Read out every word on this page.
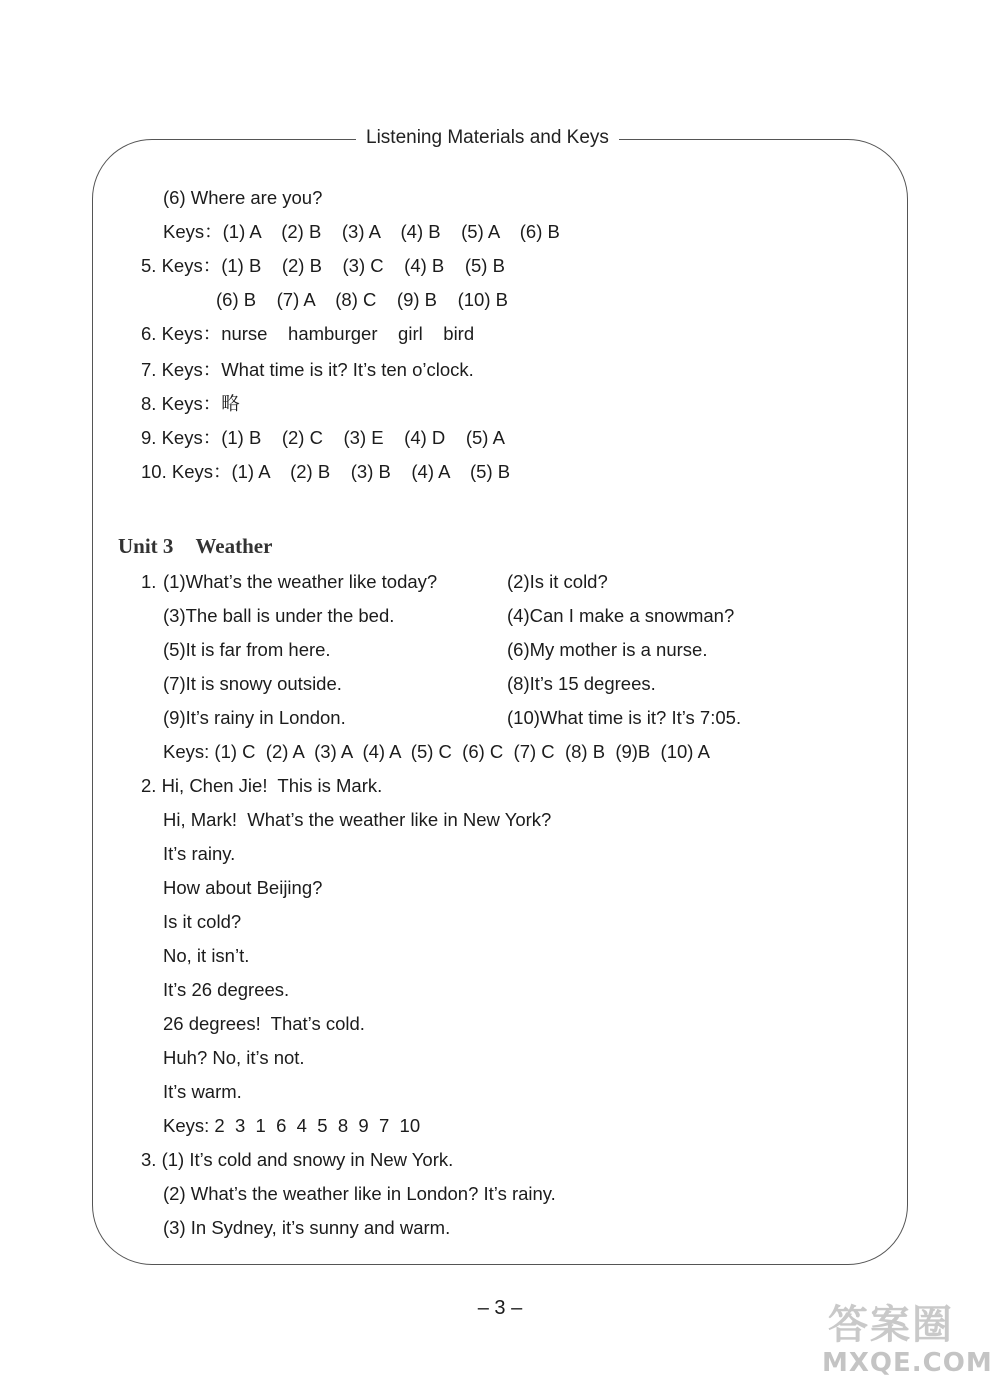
Listening Materials and Keys
(6) Where are you?
Keys：(1) A    (2) B    (3) A    (4) B    (5) A    (6) B
5. Keys：(1) B    (2) B    (3) C    (4) B    (5) B
(6) B    (7) A    (8) C    (9) B    (10) B
6. Keys：nurse    hamburger    girl    bird
7. Keys：What time is it? It’s ten o’clock.
8. Keys：略
9. Keys：(1) B    (2) C    (3) E    (4) D    (5) A
10. Keys：(1) A    (2) B    (3) B    (4) A    (5) B
Unit 3 Weather
1. (1)What’s the weather like today?	(2)Is it cold?
(3)The ball is under the bed.	(4)Can I make a snowman?
(5)It is far from here.	(6)My mother is a nurse.
(7)It is snowy outside.	(8)It’s 15 degrees.
(9)It’s rainy in London.	(10)What time is it? It’s 7:05.
Keys: (1) C  (2) A  (3) A  (4) A  (5) C  (6) C  (7) C  (8) B  (9)B  (10) A
2. Hi, Chen Jie!  This is Mark.
Hi, Mark!  What’s the weather like in New York?
It’s rainy.
How about Beijing?
Is it cold?
No, it isn’t.
It’s 26 degrees.
26 degrees!  That’s cold.
Huh? No, it’s not.
It’s warm.
Keys: 2  3  1  6  4  5  8  9  7  10
3. (1) It’s cold and snowy in New York.
(2) What’s the weather like in London? It’s rainy.
(3) In Sydney, it’s sunny and warm.
– 3 –	答案圈
MXQE.COM
